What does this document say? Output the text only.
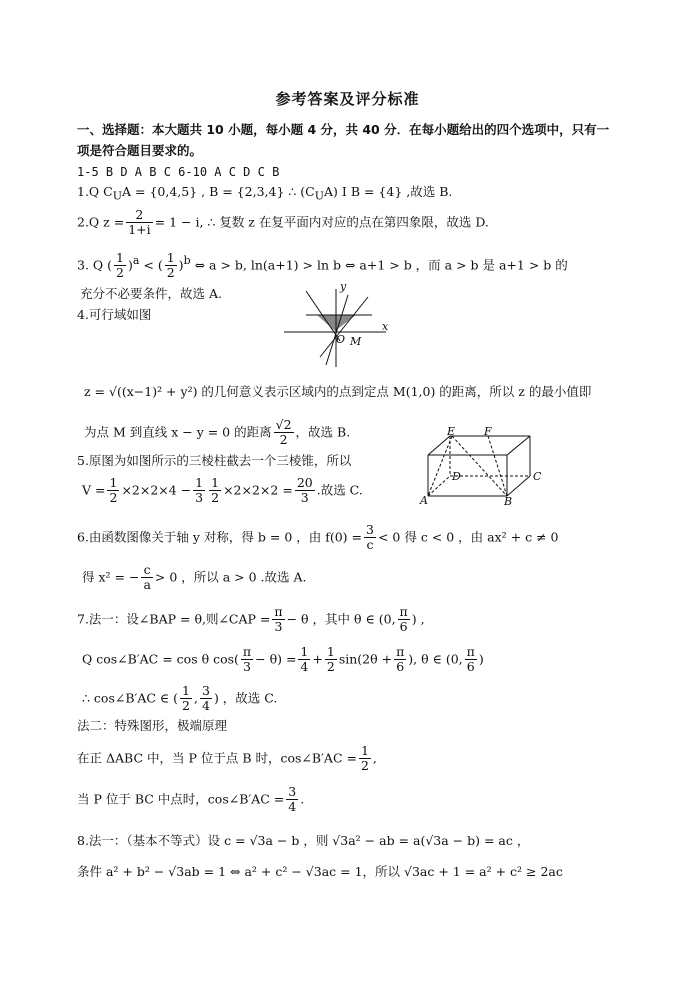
参考答案及评分标准
一、选择题：本大题共 10 小题，每小题 4 分，共 40 分．在每小题给出的四个选项中，只有一
项是符合题目要求的。
1-5 B D A B C 6-10 A C D C B
1.Q $C_UA = \{0,4,5\}$ , B = {2,3,4} ∴ $(C_UA)$ I B = {4} ,故选 B.
2.Q $z = \frac{2}{1+i} = 1 - i$, ∴ 复数 z 在复平面内对应的点在第四象限，故选 D.
3. Q ( $\frac{1}{2} )^a$ < ( $\frac{1}{2} )^b$ ⇔ a > b, ln(a+1) > ln b ⇔ a+1 > b ，而 a > b 是 a+1 > b 的
充分不必要条件，故选 A.
4.可行域如图
y
x
O M
z = √((x−1)² + y²) 的几何意义表示区域内的点到定点 M(1,0) 的距离，所以 z 的最小值即
为点 M 到直线 x − y = 0 的距离 $\frac{√2}{2}$ ，故选 B.
5.原图为如图所示的三棱柱截去一个三棱锥，所以
$V = \frac{1}{2} \times 2\times 2\times 4 - \frac{1}{3} \frac{1}{2} \times 2\times 2\times 2 = \frac{20}{3}$ .故选 C.
E	F
D	C
A	B
6.由函数图像关于轴 y 对称，得 b = 0 ，由 $f(0) = \frac{3}{c} < 0$ 得 c < 0 ，由 ax² + c ≠ 0
得 x² = − $\frac{c}{a} > 0$ ，所以 a > 0 .故选 A.
7.法一：设∠BAP = θ,则∠CAP = $\frac{\pi}{3} - \theta$ ，其中 θ ∈ (0, $\frac{\pi}{6}$ ) ,
Q cos∠B′AC = cos θ $\cos( \frac{\pi}{3} - \theta) = \frac{1}{4} + \frac{1}{2} \sin(2\theta + \frac{\pi}{6}$ ), θ ∈ (0, $\frac{\pi}{6}$ )
∴ cos∠B′AC ∈ ( $\frac{1}{2}$ , $\frac{3}{4}$ ) ，故选 C.
法二：特殊图形，极端原理
在正 ΔABC 中，当 P 位于点 B 时，cos∠B′AC = $\frac{1}{2}$ ,
当 P 位于 BC 中点时，cos∠B′AC = $\frac{3}{4}$ .
8.法一：（基本不等式）设 c = √3a − b ，则 √3a² − ab = a(√3a − b) = ac ，
条件 a² + b² − √3ab = 1 ⇔ a² + c² − √3ac = 1，所以 √3ac + 1 = a² + c² ≥ 2ac
